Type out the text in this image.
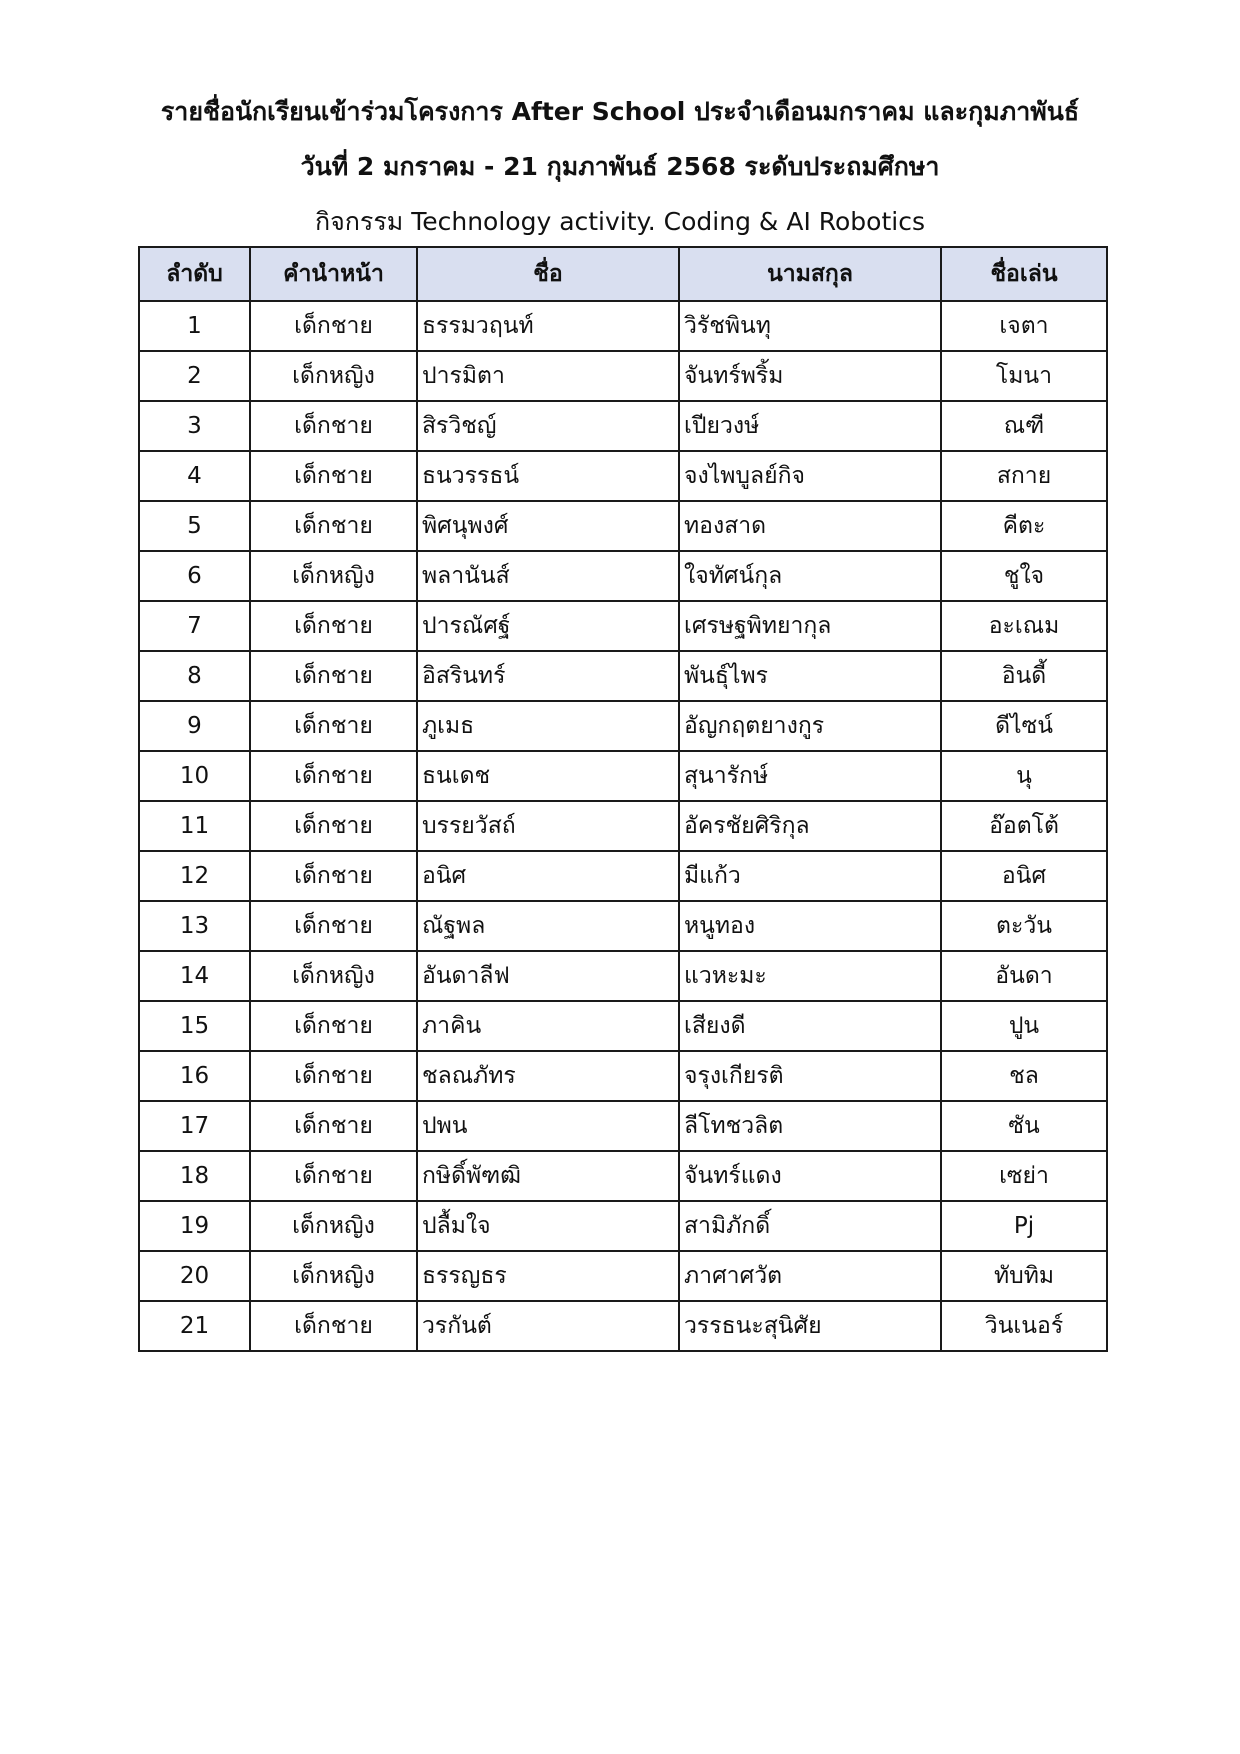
รายชื่อนักเรียนเข้าร่วมโครงการ After School ประจำเดือนมกราคม และกุมภาพันธ์
วันที่ 2 มกราคม - 21 กุมภาพันธ์ 2568 ระดับประถมศึกษา
กิจกรรม Technology activity. Coding & AI Robotics
ลำดับ	คำนำหน้า	ชื่อ	นามสกุล	ชื่อเล่น
1	เด็กชาย	ธรรมวฤนท์	วิรัชพินทุ	เจตา
2	เด็กหญิง	ปารมิตา	จันทร์พริ้ม	โมนา
3	เด็กชาย	สิรวิชญ์	เปียวงษ์	ณฑี
4	เด็กชาย	ธนวรรธน์	จงไพบูลย์กิจ	สกาย
5	เด็กชาย	พิศนุพงศ์	ทองสาด	คีตะ
6	เด็กหญิง	พลานันส์	ใจทัศน์กุล	ชูใจ
7	เด็กชาย	ปารณัศฐ์	เศรษฐพิทยากุล	อะเณม
8	เด็กชาย	อิสรินทร์	พันธุ์ไพร	อินดี้
9	เด็กชาย	ภูเมธ	อัญกฤตยางกูร	ดีไซน์
10	เด็กชาย	ธนเดช	สุนารักษ์	นุ
11	เด็กชาย	บรรยวัสถ์	อัครชัยศิริกุล	อ๊อตโต้
12	เด็กชาย	อนิศ	มีแก้ว	อนิศ
13	เด็กชาย	ณัฐพล	หนูทอง	ตะวัน
14	เด็กหญิง	อันดาลีฟ	แวหะมะ	อันดา
15	เด็กชาย	ภาคิน	เสียงดี	ปูน
16	เด็กชาย	ชลณภัทร	จรุงเกียรติ	ชล
17	เด็กชาย	ปพน	ลีโทชวลิต	ซัน
18	เด็กชาย	กษิดิ์พัฑฒิ	จันทร์แดง	เซย่า
19	เด็กหญิง	ปลื้มใจ	สามิภักดิ์	Pj
20	เด็กหญิง	ธรรญธร	ภาศาศวัต	ทับทิม
21	เด็กชาย	วรกันต์	วรรธนะสุนิศัย	วินเนอร์
